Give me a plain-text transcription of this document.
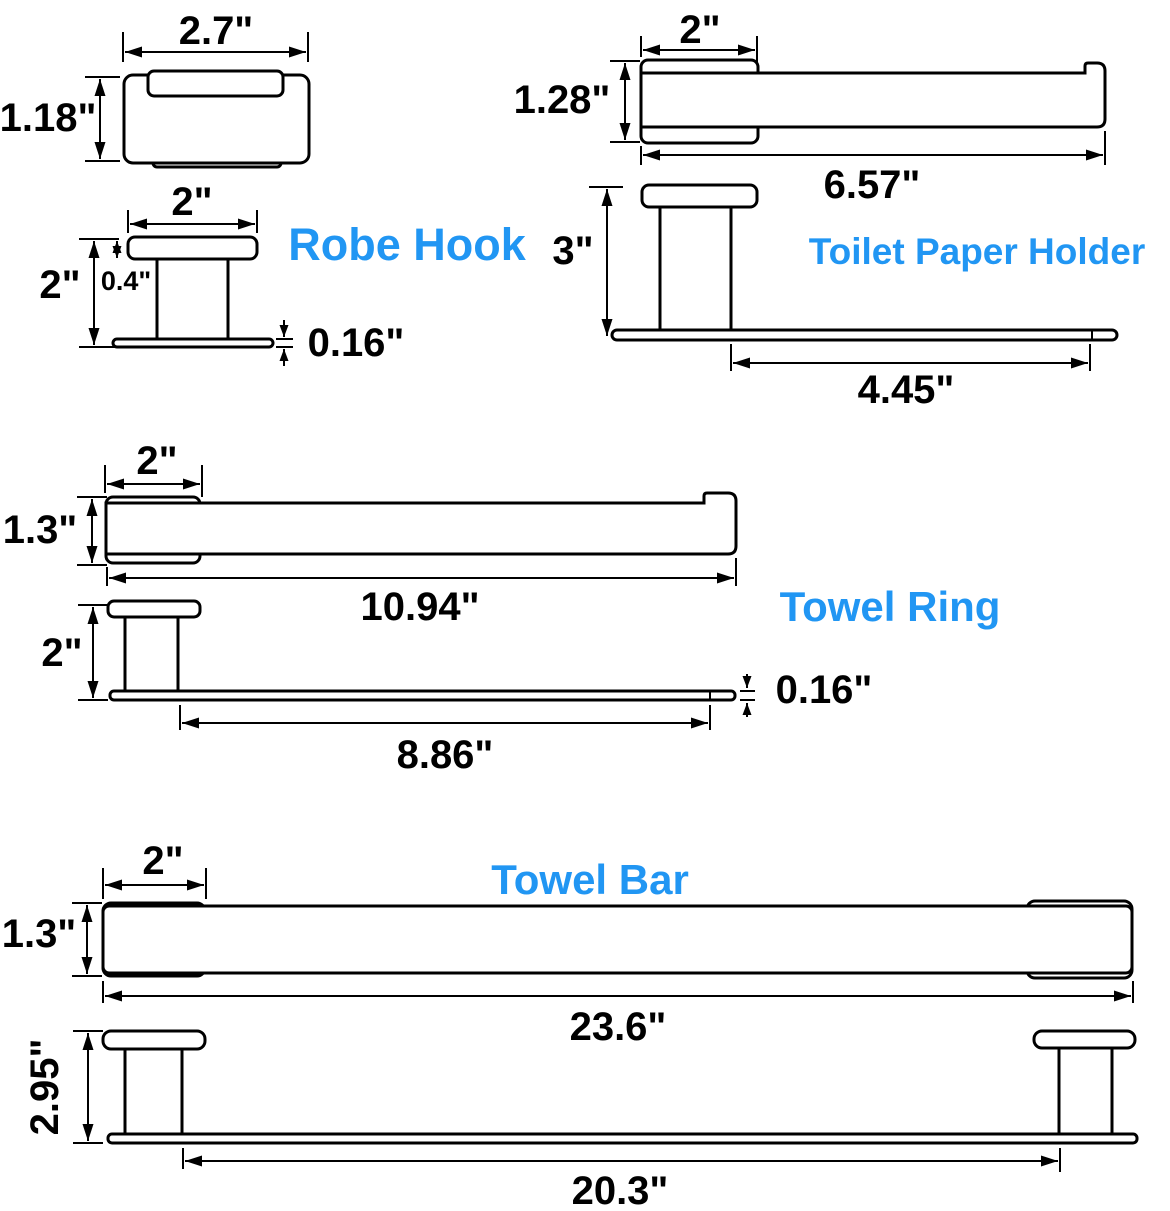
2.7"
1.18"
2"
2" 0.4"
0.16"
Robe Hook
2"
1.28"
6.57"
3"
4.45"
Toilet Paper Holder
2"
1.3"
10.94"
2"
0.16"
8.86"
Towel Ring
2"
1.3"
23.6"
2.95"
20.3"
Towel Bar
